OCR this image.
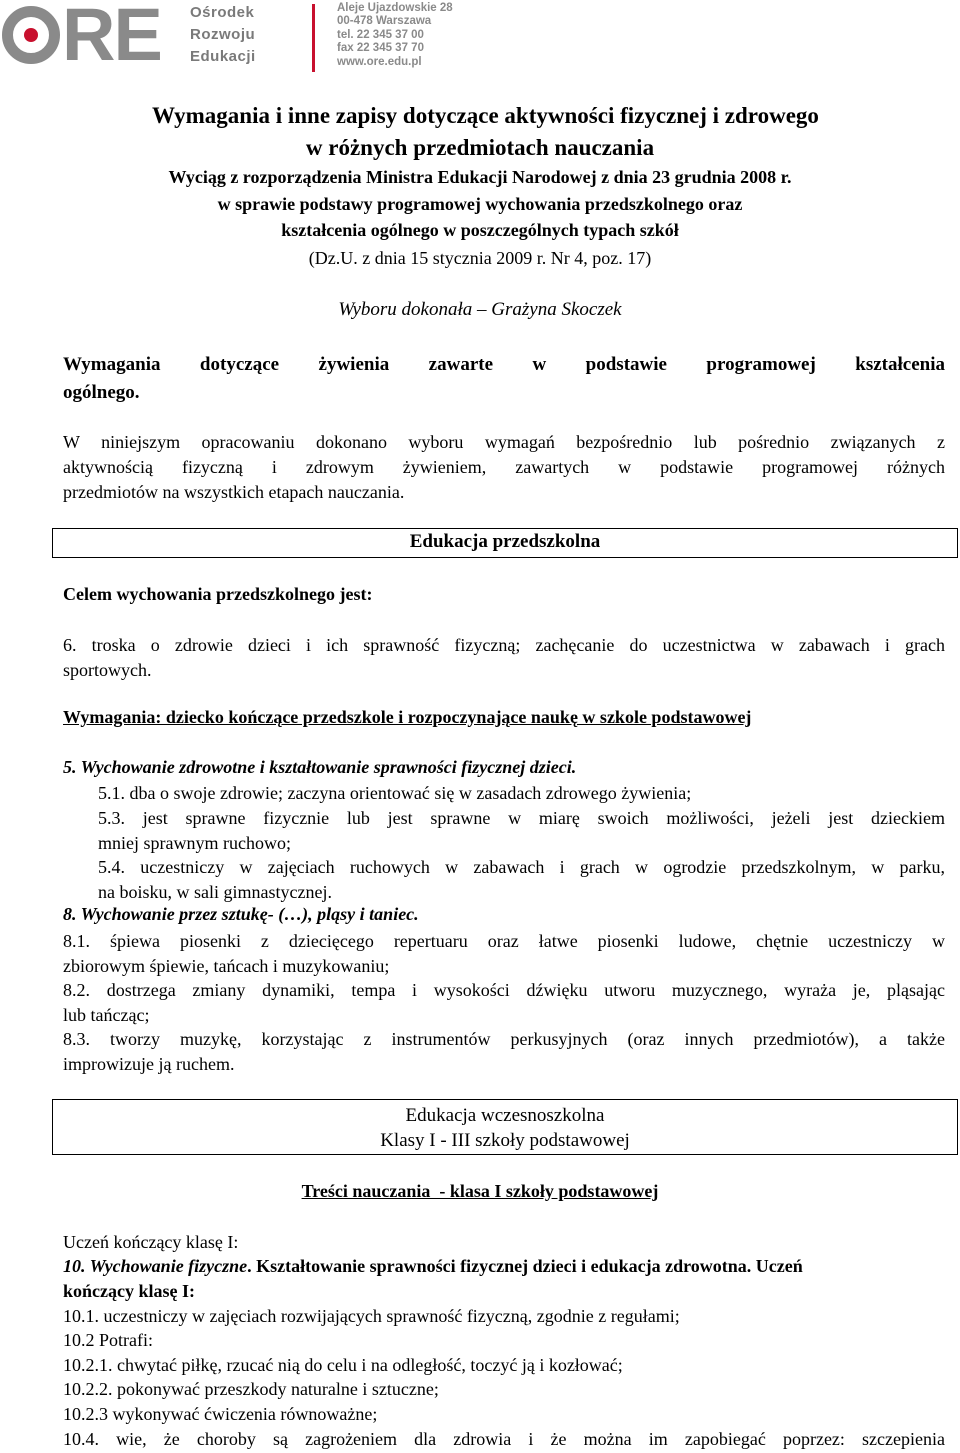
RE Ośrodek
Rozwoju
Edukacji
Aleje Ujazdowskie 28
00-478 Warszawa
tel. 22 345 37 00
fax 22 345 37 70
www.ore.edu.pl
Wymagania i inne zapisy dotyczące aktywności fizycznej i zdrowego
w różnych przedmiotach nauczania
Wyciąg z rozporządzenia Ministra Edukacji Narodowej z dnia 23 grudnia 2008 r.
w sprawie podstawy programowej wychowania przedszkolnego oraz
kształcenia ogólnego w poszczególnych typach szkół
(Dz.U. z dnia 15 stycznia 2009 r. Nr 4, poz. 17)
Wyboru dokonała – Grażyna Skoczek
Wymagania dotyczące żywienia zawarte w podstawie programowej kształcenia
ogólnego.
W niniejszym opracowaniu dokonano wyboru wymagań bezpośrednio lub pośrednio związanych z
aktywnością fizyczną i zdrowym żywieniem, zawartych w podstawie programowej różnych
przedmiotów na wszystkich etapach nauczania.
Edukacja przedszkolna
Celem wychowania przedszkolnego jest:
6. troska o zdrowie dzieci i ich sprawność fizyczną; zachęcanie do uczestnictwa w zabawach i grach
sportowych.
Wymagania: dziecko kończące przedszkole i rozpoczynające naukę w szkole podstawowej
5. Wychowanie zdrowotne i kształtowanie sprawności fizycznej dzieci.
5.1. dba o swoje zdrowie; zaczyna orientować się w zasadach zdrowego żywienia;
5.3. jest sprawne fizycznie lub jest sprawne w miarę swoich możliwości, jeżeli jest dzieckiem
mniej sprawnym ruchowo;
5.4. uczestniczy w zajęciach ruchowych w zabawach i grach w ogrodzie przedszkolnym, w parku,
na boisku, w sali gimnastycznej.
8. Wychowanie przez sztukę- (…), pląsy i taniec.
8.1. śpiewa piosenki z dziecięcego repertuaru oraz łatwe piosenki ludowe, chętnie uczestniczy w
zbiorowym śpiewie, tańcach i muzykowaniu;
8.2. dostrzega zmiany dynamiki, tempa i wysokości dźwięku utworu muzycznego, wyraża je, pląsając
lub tańcząc;
8.3. tworzy muzykę, korzystając z instrumentów perkusyjnych (oraz innych przedmiotów), a także
improwizuje ją ruchem.
Edukacja wczesnoszkolna
Klasy I - III szkoły podstawowej
Treści nauczania  - klasa I szkoły podstawowej
Uczeń kończący klasę I:
10. Wychowanie fizyczne. Kształtowanie sprawności fizycznej dzieci i edukacja zdrowotna. Uczeń
kończący klasę I:
10.1. uczestniczy w zajęciach rozwijających sprawność fizyczną, zgodnie z regułami;
10.2 Potrafi:
10.2.1. chwytać piłkę, rzucać nią do celu i na odległość, toczyć ją i kozłować;
10.2.2. pokonywać przeszkody naturalne i sztuczne;
10.2.3 wykonywać ćwiczenia równoważne;
10.4. wie, że choroby są zagrożeniem dla zdrowia i że można im zapobiegać poprzez: szczepienia
